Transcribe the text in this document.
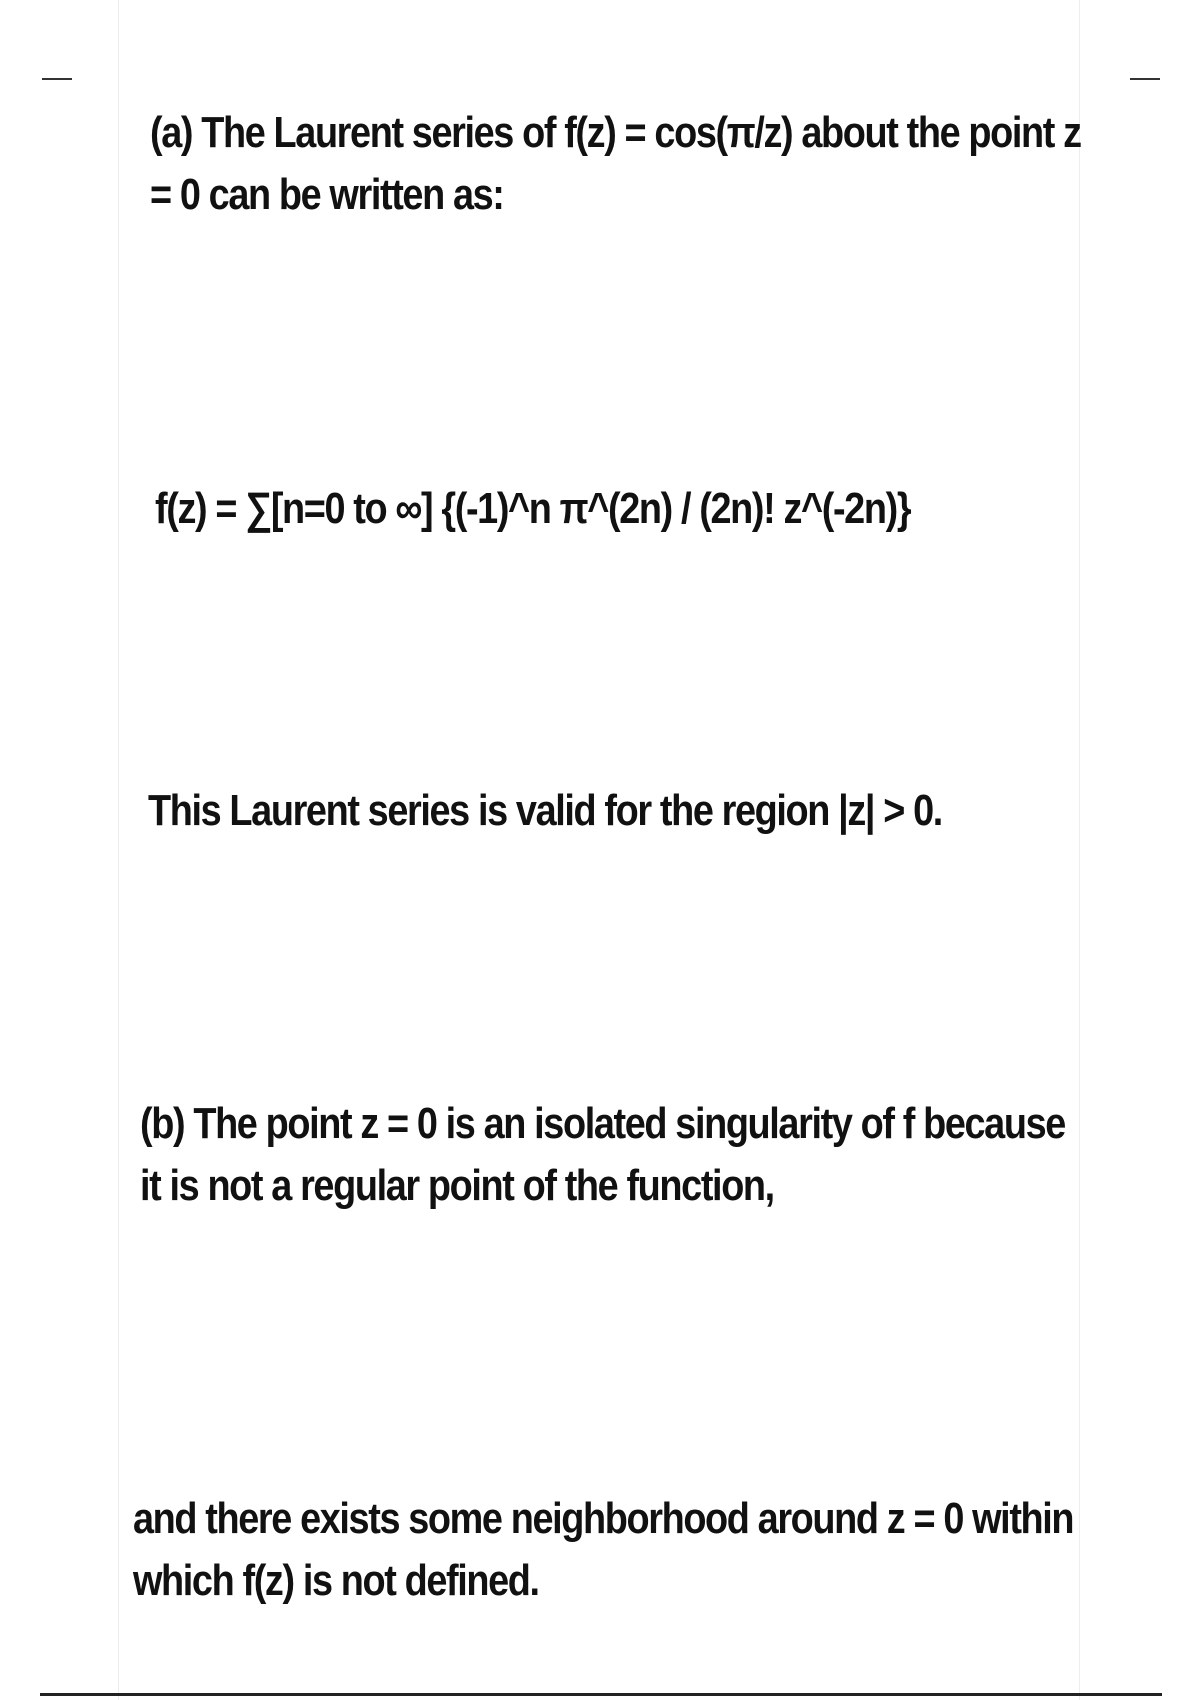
(a) The Laurent series of f(z) = cos(π/z) about the point z
= 0 can be written as:

f(z) = ∑[n=0 to ∞] {(-1)^n π^(2n) / (2n)! z^(-2n)}

This Laurent series is valid for the region |z| > 0.

(b) The point z = 0 is an isolated singularity of f because
it is not a regular point of the function,

and there exists some neighborhood around z = 0 within
which f(z) is not defined.
